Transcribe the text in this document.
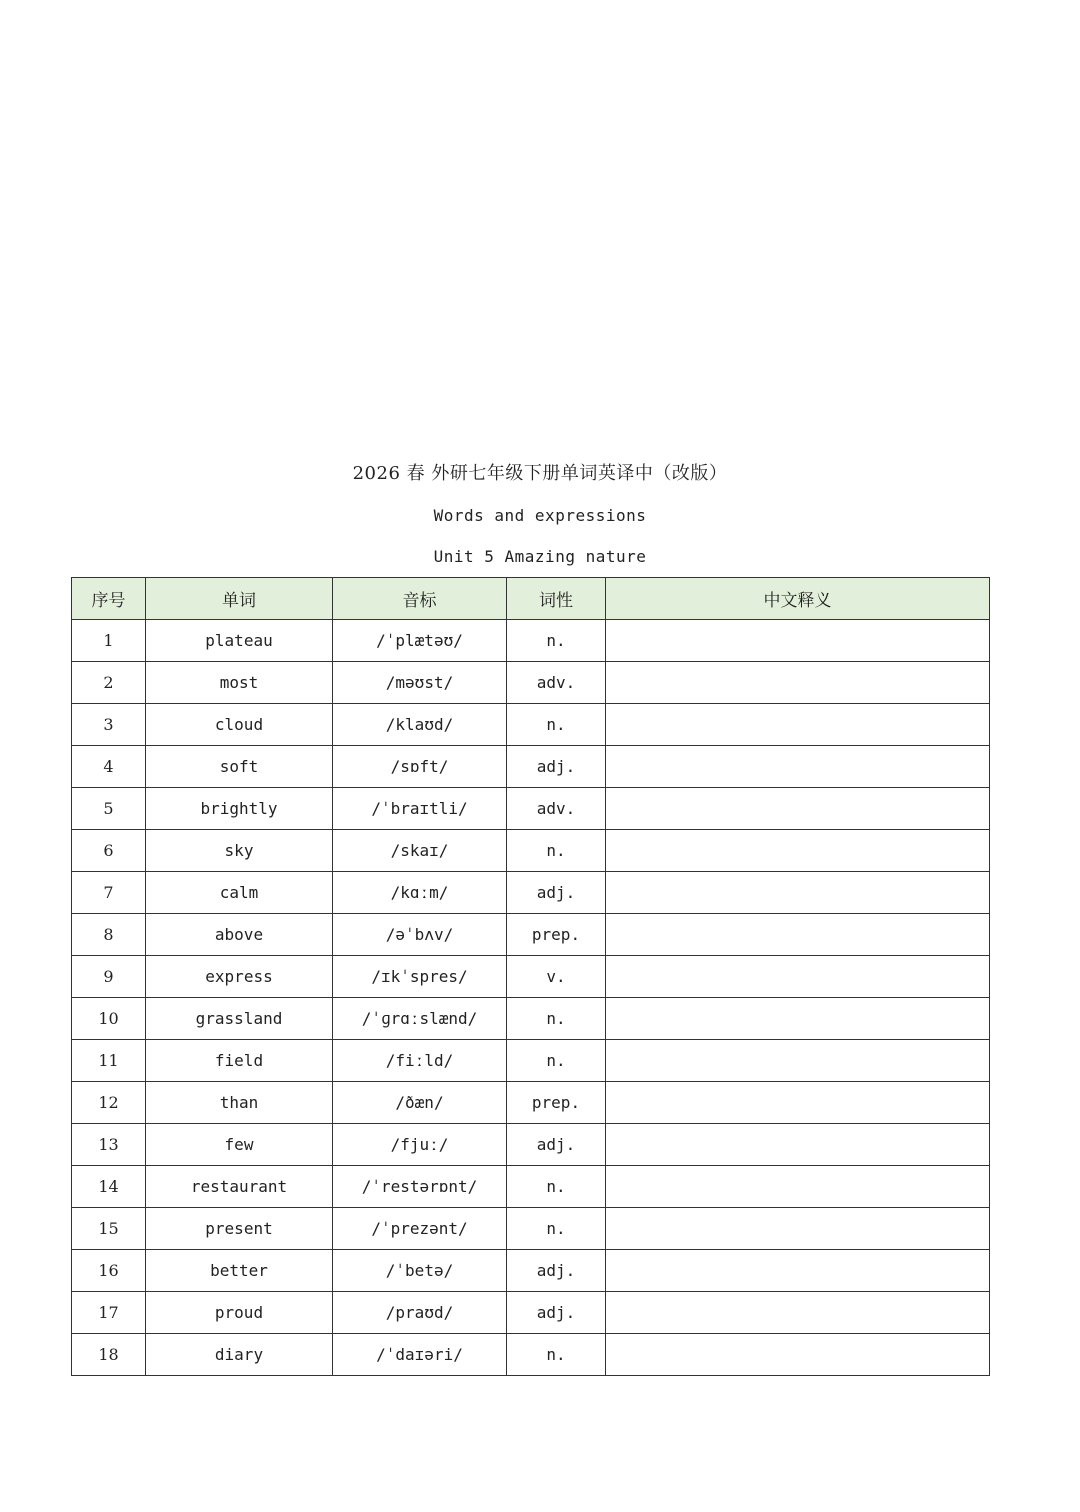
2026 春 外研七年级下册单词英译中（改版）
Words and expressions
Unit 5 Amazing nature
序号	单词	音标	词性	中文释义
1	plateau	/ˈplætəʊ/	n.	
2	most	/məʊst/	adv.	
3	cloud	/klaʊd/	n.	
4	soft	/sɒft/	adj.	
5	brightly	/ˈbraɪtli/	adv.	
6	sky	/skaɪ/	n.	
7	calm	/kɑːm/	adj.	
8	above	/əˈbʌv/	prep.	
9	express	/ɪkˈspres/	v.	
10	grassland	/ˈɡrɑːslænd/	n.	
11	field	/fiːld/	n.	
12	than	/ðæn/	prep.	
13	few	/fjuː/	adj.	
14	restaurant	/ˈrestərɒnt/	n.	
15	present	/ˈprezənt/	n.	
16	better	/ˈbetə/	adj.	
17	proud	/praʊd/	adj.	
18	diary	/ˈdaɪəri/	n.	
